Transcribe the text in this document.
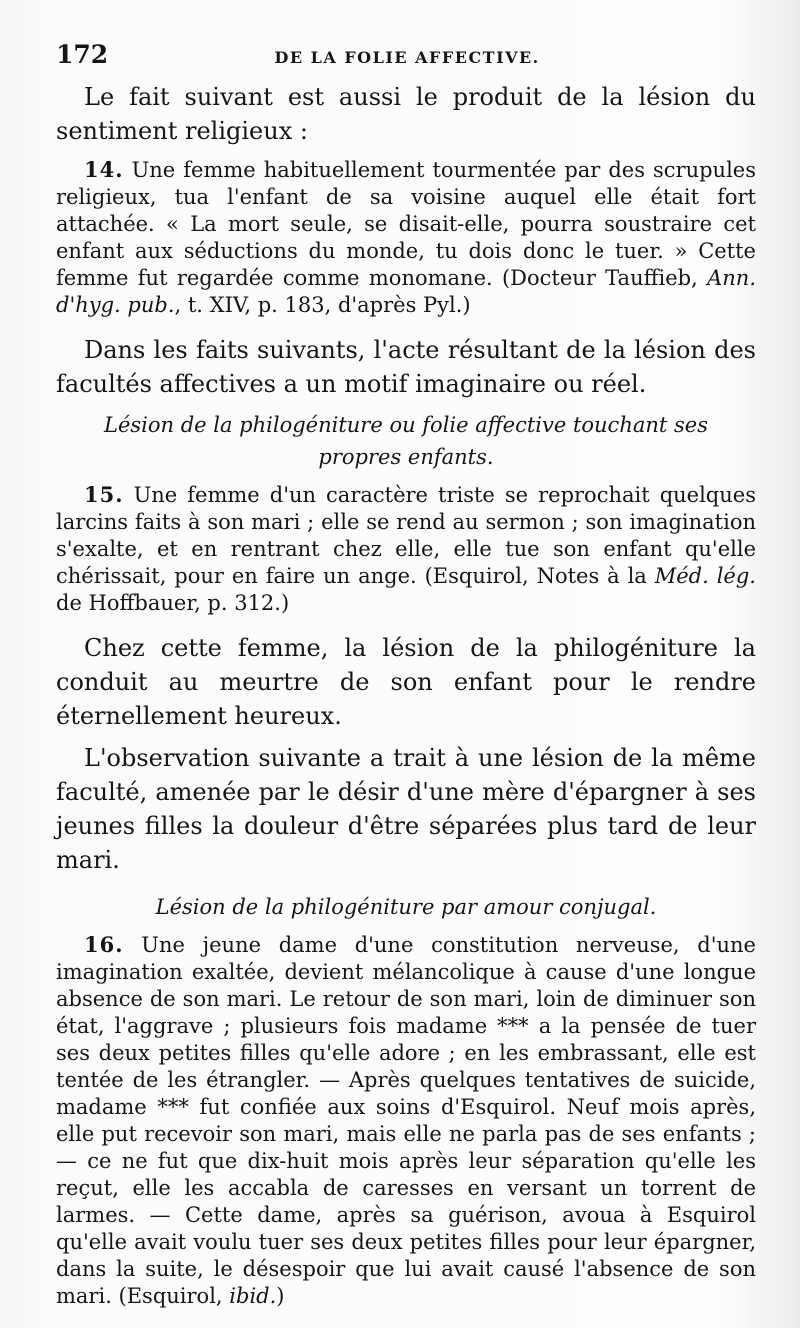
172	DE LA FOLIE AFFECTIVE.

Le fait suivant est aussi le produit de la lésion du sentiment religieux :

14. Une femme habituellement tourmentée par des scrupules religieux, tua l'enfant de sa voisine auquel elle était fort attachée. « La mort seule, se disait-elle, pourra soustraire cet enfant aux séductions du monde, tu dois donc le tuer. » Cette femme fut regardée comme monomane. (Docteur Tauffieb, Ann. d'hyg. pub., t. XIV, p. 183, d'après Pyl.)

Dans les faits suivants, l'acte résultant de la lésion des facultés affectives a un motif imaginaire ou réel.

Lésion de la philogéniture ou folie affective touchant ses propres enfants.

15. Une femme d'un caractère triste se reprochait quelques larcins faits à son mari ; elle se rend au sermon ; son imagination s'exalte, et en rentrant chez elle, elle tue son enfant qu'elle chérissait, pour en faire un ange. (Esquirol, Notes à la Méd. lég. de Hoffbauer, p. 312.)

Chez cette femme, la lésion de la philogéniture la conduit au meurtre de son enfant pour le rendre éternellement heureux.

L'observation suivante a trait à une lésion de la même faculté, amenée par le désir d'une mère d'épargner à ses jeunes filles la douleur d'être séparées plus tard de leur mari.

Lésion de la philogéniture par amour conjugal.

16. Une jeune dame d'une constitution nerveuse, d'une imagination exaltée, devient mélancolique à cause d'une longue absence de son mari. Le retour de son mari, loin de diminuer son état, l'aggrave ; plusieurs fois madame *** a la pensée de tuer ses deux petites filles qu'elle adore ; en les embrassant, elle est tentée de les étrangler. — Après quelques tentatives de suicide, madame *** fut confiée aux soins d'Esquirol. Neuf mois après, elle put recevoir son mari, mais elle ne parla pas de ses enfants ; — ce ne fut que dix-huit mois après leur séparation qu'elle les reçut, elle les accabla de caresses en versant un torrent de larmes. — Cette dame, après sa guérison, avoua à Esquirol qu'elle avait voulu tuer ses deux petites filles pour leur épargner, dans la suite, le désespoir que lui avait causé l'absence de son mari. (Esquirol, ibid.)
